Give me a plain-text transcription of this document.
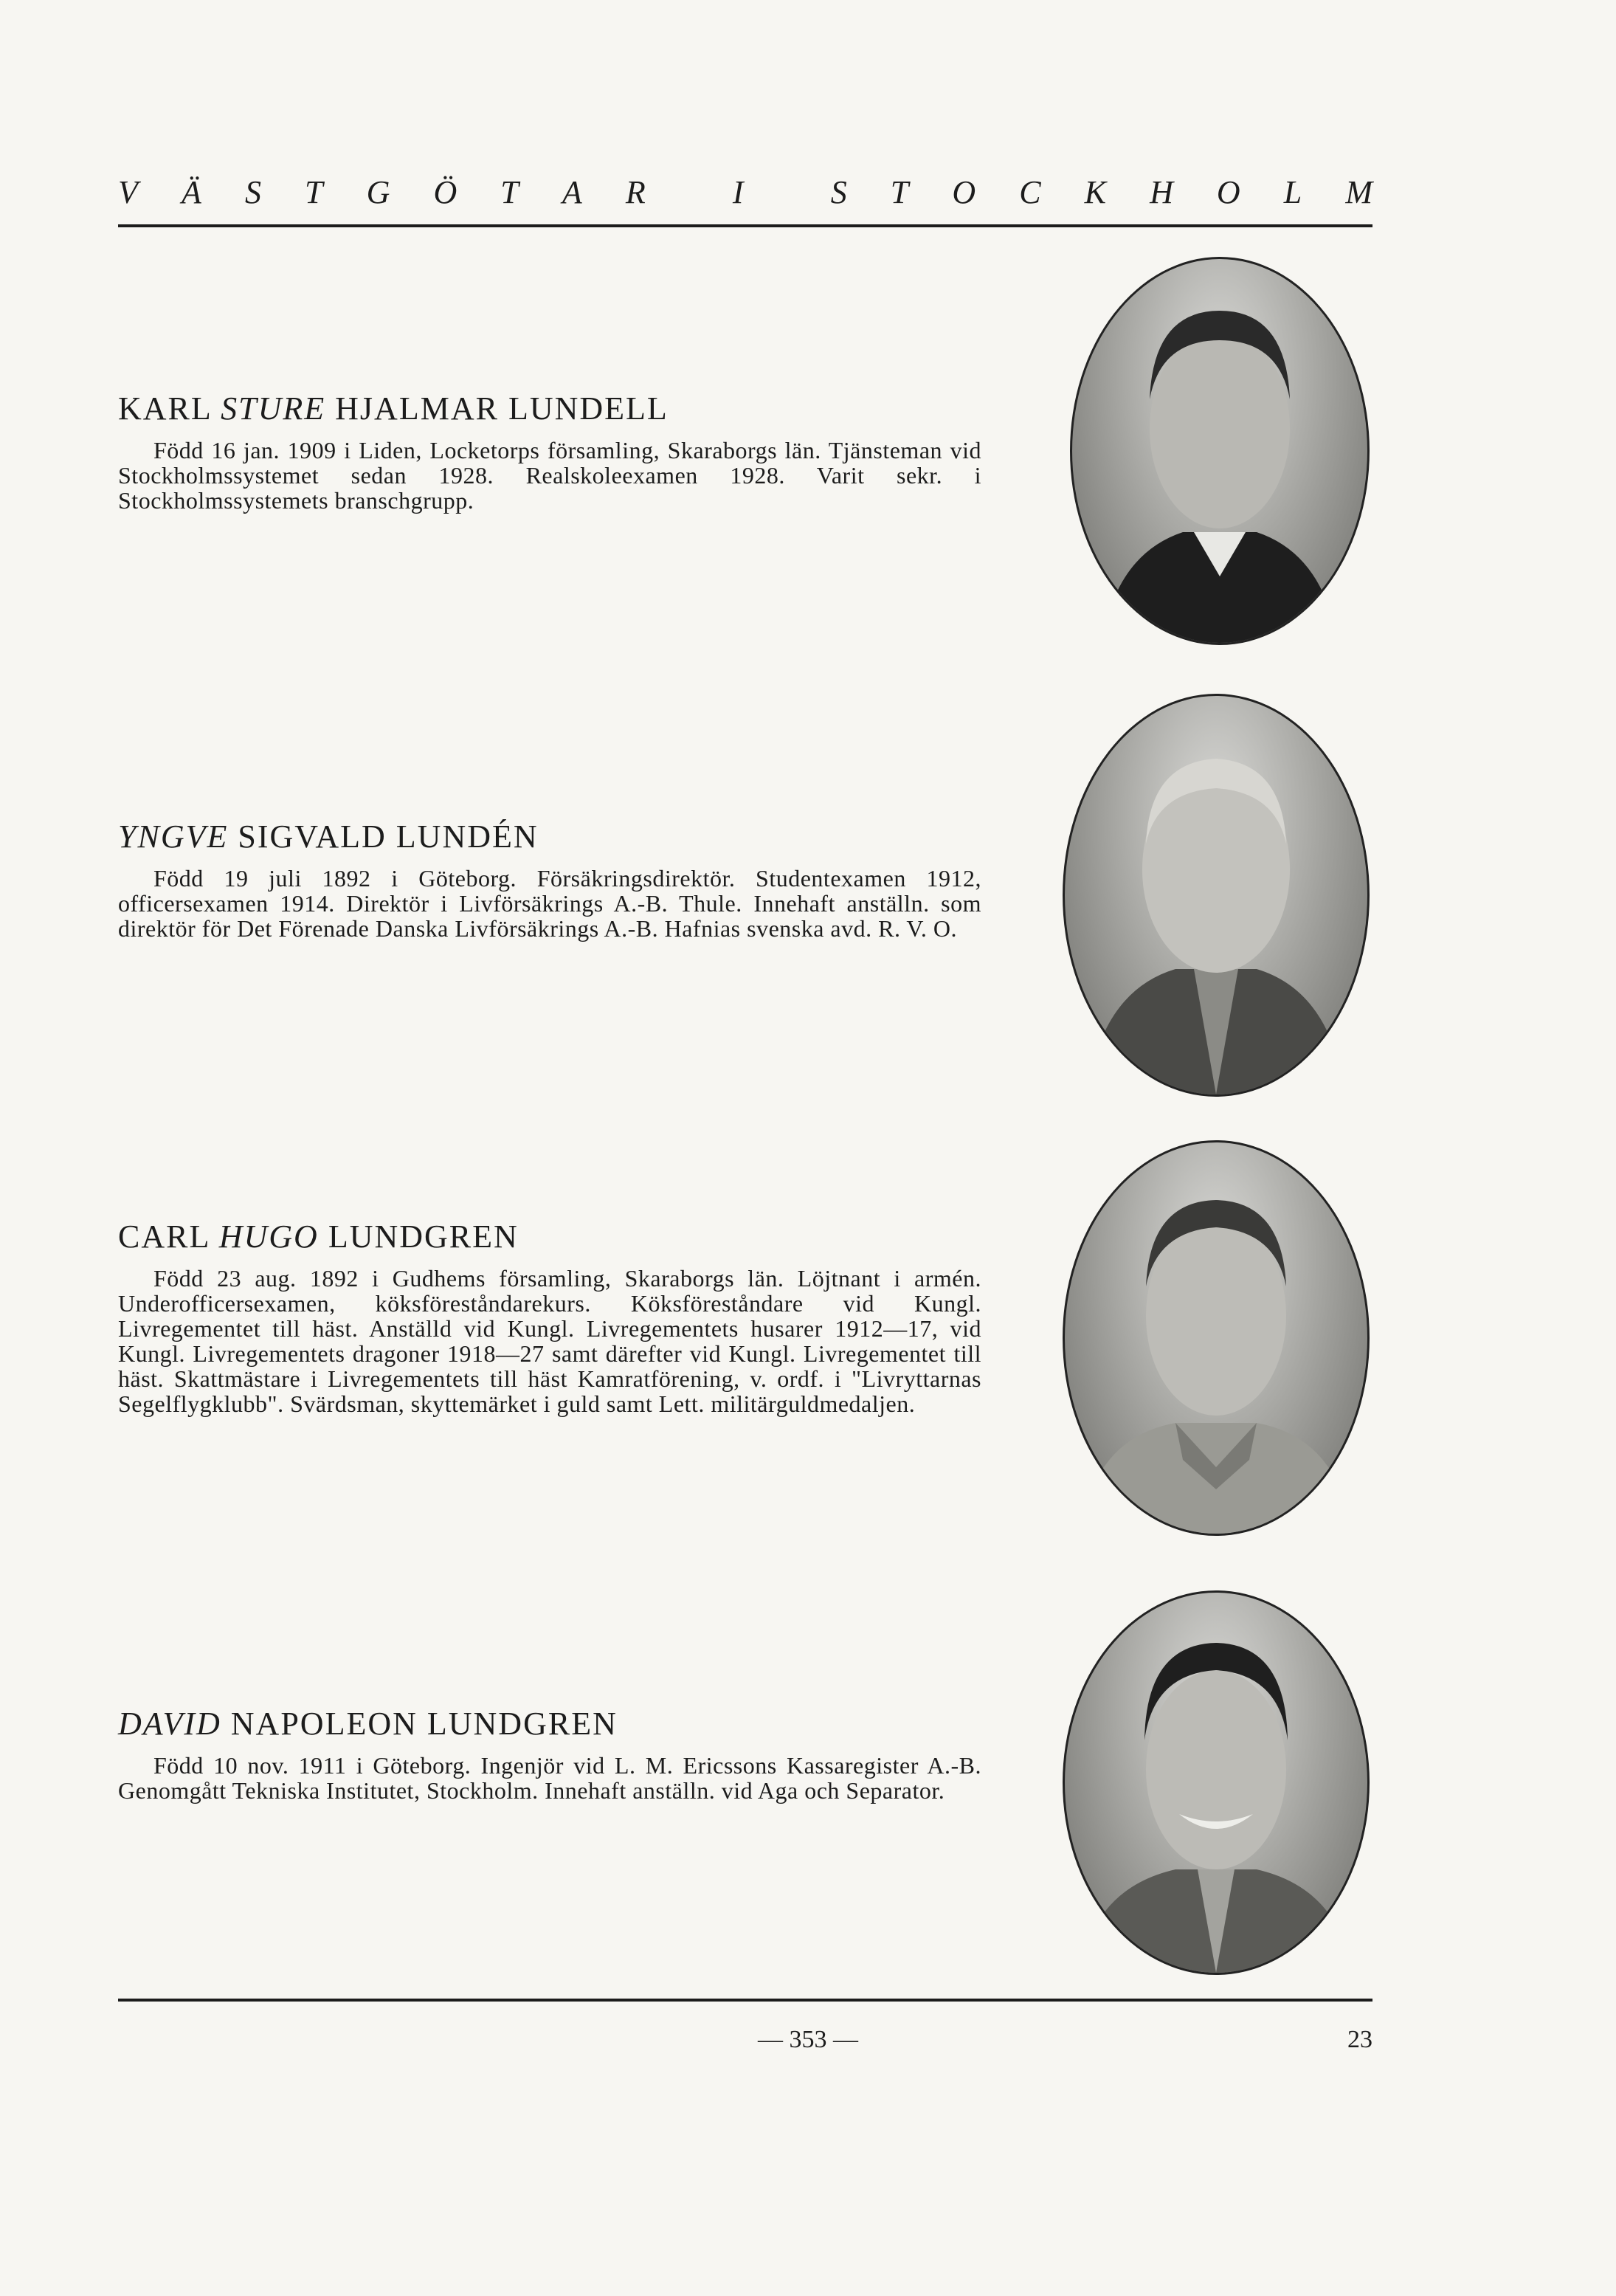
V Ä S T G Ö T A R	I	S T O C K H O L M
KARL STURE HJALMAR LUNDELL

Född 16 jan. 1909 i Liden, Locketorps församling, Skaraborgs län. Tjänsteman vid Stockholmssystemet sedan 1928. Realskoleexamen 1928. Varit sekr. i Stockholmssystemets branschgrupp.

YNGVE SIGVALD LUNDÉN

Född 19 juli 1892 i Göteborg. Försäkringsdirektör. Studentexamen 1912, officersexamen 1914. Direktör i Livförsäkrings A.-B. Thule. Innehaft anställn. som direktör för Det Förenade Danska Livförsäkrings A.-B. Hafnias svenska avd. R. V. O.

CARL HUGO LUNDGREN

Född 23 aug. 1892 i Gudhems församling, Skaraborgs län. Löjtnant i armén. Underofficersexamen, köksföreståndarekurs. Köksföreståndare vid Kungl. Livregementet till häst. Anställd vid Kungl. Livregementets husarer 1912—17, vid Kungl. Livregementets dragoner 1918—27 samt därefter vid Kungl. Livregementet till häst. Skattmästare i Livregementets till häst Kamratförening, v. ordf. i "Livryttarnas Segelflygklubb". Svärdsman, skyttemärket i guld samt Lett. militärguldmedaljen.

DAVID NAPOLEON LUNDGREN

Född 10 nov. 1911 i Göteborg. Ingenjör vid L. M. Ericssons Kassaregister A.-B. Genomgått Tekniska Institutet, Stockholm. Innehaft anställn. vid Aga och Separator.

— 353 —	23
